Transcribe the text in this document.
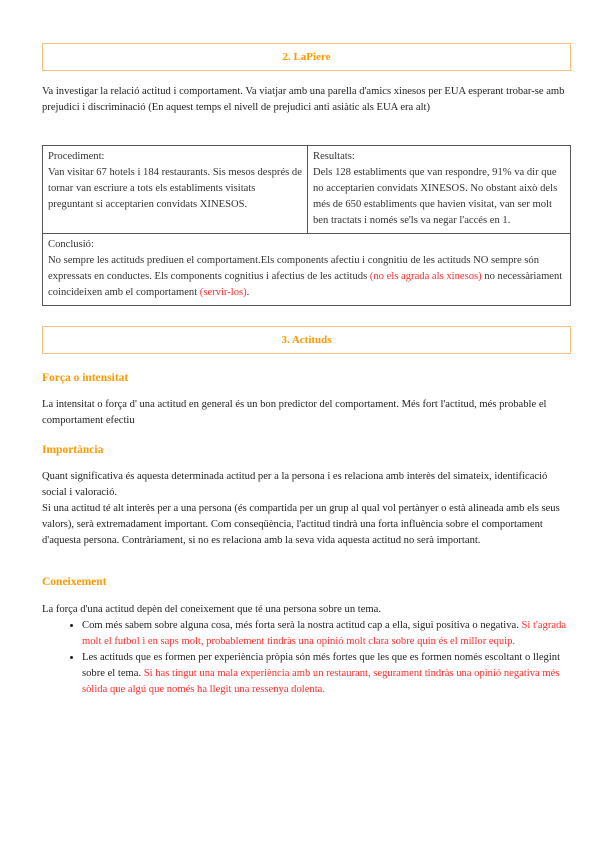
2. LaPiere

Va investigar la relació actitud i comportament. Va viatjar amb una parella d'amics xinesos per EUA esperant trobar-se amb prejudici i discriminació (En aquest temps el nivell de prejudici anti asiàtic als EUA era alt)

Procediment:
Van visitar 67 hotels i 184 restaurants. Sis mesos després de tornar van escriure a tots els establiments visitats preguntant si acceptarien convidats XINESOS.

Resultats:
Dels 128 establiments que van respondre, 91% va dir que no acceptarien convidats XINESOS. No obstant això dels més de 650 establiments que havien visitat, van ser molt ben tractats i només se'ls va negar l'accés en 1.

Conclusió:
No sempre les actituds prediuen el comportament.Els components afectiu i congnitiu de les actituds NO sempre són expressats en conductes. Els components cognitius i afectius de les actituds (no els agrada als xinesos) no necessàriament coincideixen amb el comportament (servir-los).
3. Actituds
Força o intensitat

La intensitat o força d' una actitud en general és un bon predictor del comportament. Més fort l'actitud, més probable el comportament efectiu

Importància

Quant significativa és aquesta determinada actitud per a la persona i es relaciona amb interès del simateix, identificació social i valoració.

Si una actitud té alt interès per a una persona (és compartida per un grup al qual vol pertànyer o està alineada amb els seus valors), serà extremadament important. Com conseqüència, l'actitud tindrà una forta influència sobre el comportament d'aquesta persona. Contràriament, si no es relaciona amb la seva vida aquesta actitud no serà important.

Coneixement

La força d'una actitud depèn del coneixement que té una persona sobre un tema.

• Com més sabem sobre alguna cosa, més forta serà la nostra actitud cap a ella, sigui positiva o negativa. Si t'agrada molt el futbol i en saps molt, probablement tindràs una opinió molt clara sobre quin és el millor equip.
• Les actituds que es formen per experiència pròpia són més fortes que les que es formen només escoltant o llegint sobre el tema. Si has tingut una mala experiència amb un restaurant, segurament tindràs una opinió negativa més sòlida que algú que només ha llegit una ressenya dolenta.
